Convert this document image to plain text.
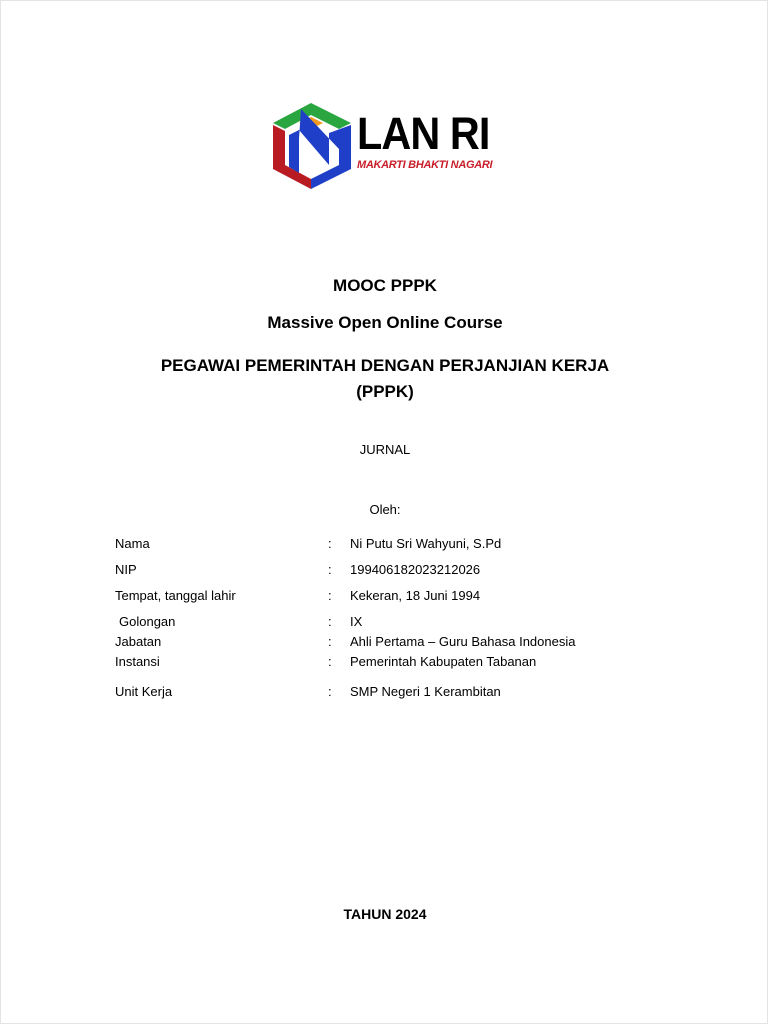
LAN RI
MAKARTI BHAKTI NAGARI
MOOC PPPK
Massive Open Online Course
PEGAWAI PEMERINTAH DENGAN PERJANJIAN KERJA
(PPPK)
JURNAL
Oleh:
Nama	: Ni Putu Sri Wahyuni, S.Pd
NIP	: 199406182023212026
Tempat, tanggal lahir	: Kekeran, 18 Juni 1994
Golongan	: IX
Jabatan	: Ahli Pertama – Guru Bahasa Indonesia
Instansi	: Pemerintah Kabupaten Tabanan
Unit Kerja	: SMP Negeri 1 Kerambitan
TAHUN 2024
